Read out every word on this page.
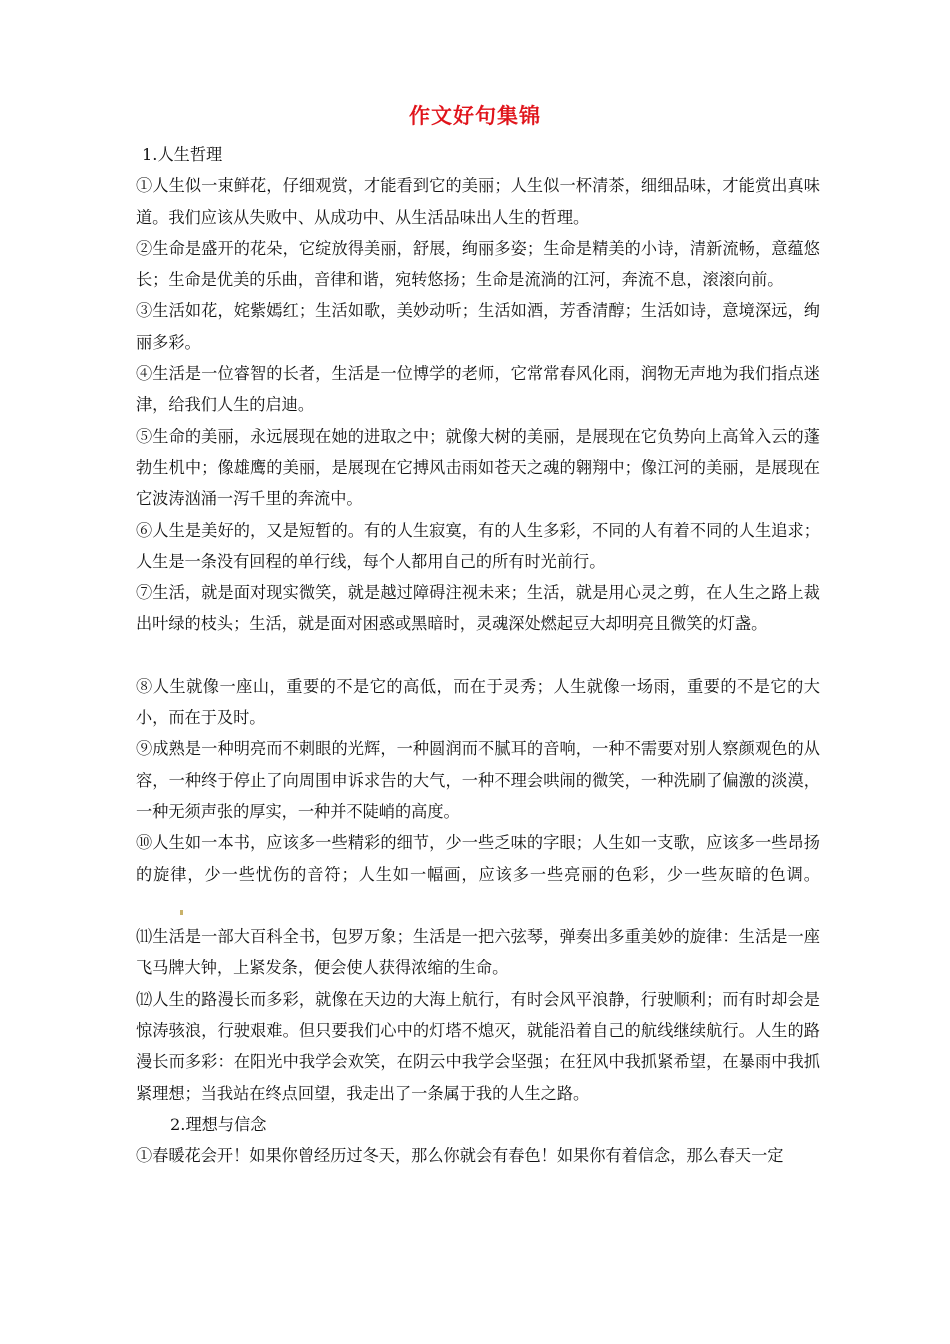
作文好句集锦

1.人生哲理

①人生似一束鲜花，仔细观赏，才能看到它的美丽；人生似一杯清茶，细细品味，才能赏出真味道。我们应该从失败中、从成功中、从生活品味出人生的哲理。

②生命是盛开的花朵，它绽放得美丽，舒展，绚丽多姿；生命是精美的小诗，清新流畅，意蕴悠长；生命是优美的乐曲，音律和谐，宛转悠扬；生命是流淌的江河，奔流不息，滚滚向前。

③生活如花，姹紫嫣红；生活如歌，美妙动听；生活如酒，芳香清醇；生活如诗，意境深远，绚丽多彩。

④生活是一位睿智的长者，生活是一位博学的老师，它常常春风化雨，润物无声地为我们指点迷津，给我们人生的启迪。

⑤生命的美丽，永远展现在她的进取之中；就像大树的美丽，是展现在它负势向上高耸入云的蓬勃生机中；像雄鹰的美丽，是展现在它搏风击雨如苍天之魂的翱翔中；像江河的美丽，是展现在它波涛汹涌一泻千里的奔流中。

⑥人生是美好的，又是短暂的。有的人生寂寞，有的人生多彩，不同的人有着不同的人生追求；人生是一条没有回程的单行线，每个人都用自己的所有时光前行。

⑦生活，就是面对现实微笑，就是越过障碍注视未来；生活，就是用心灵之剪，在人生之路上裁出叶绿的枝头；生活，就是面对困惑或黑暗时，灵魂深处燃起豆大却明亮且微笑的灯盏。

⑧人生就像一座山，重要的不是它的高低，而在于灵秀；人生就像一场雨，重要的不是它的大小，而在于及时。

⑨成熟是一种明亮而不刺眼的光辉，一种圆润而不腻耳的音响，一种不需要对别人察颜观色的从容，一种终于停止了向周围申诉求告的大气，一种不理会哄闹的微笑，一种洗刷了偏激的淡漠，一种无须声张的厚实，一种并不陡峭的高度。

⑩人生如一本书，应该多一些精彩的细节，少一些乏味的字眼；人生如一支歌，应该多一些昂扬的旋律，少一些忧伤的音符；人生如一幅画，应该多一些亮丽的色彩，少一些灰暗的色调。

⑾生活是一部大百科全书，包罗万象；生活是一把六弦琴，弹奏出多重美妙的旋律：生活是一座飞马牌大钟，上紧发条，便会使人获得浓缩的生命。

⑿人生的路漫长而多彩，就像在天边的大海上航行，有时会风平浪静，行驶顺利；而有时却会是惊涛骇浪，行驶艰难。但只要我们心中的灯塔不熄灭，就能沿着自己的航线继续航行。人生的路漫长而多彩：在阳光中我学会欢笑，在阴云中我学会坚强；在狂风中我抓紧希望，在暴雨中我抓紧理想；当我站在终点回望，我走出了一条属于我的人生之路。

2.理想与信念

①春暖花会开！如果你曾经历过冬天，那么你就会有春色！如果你有着信念，那么春天一定
